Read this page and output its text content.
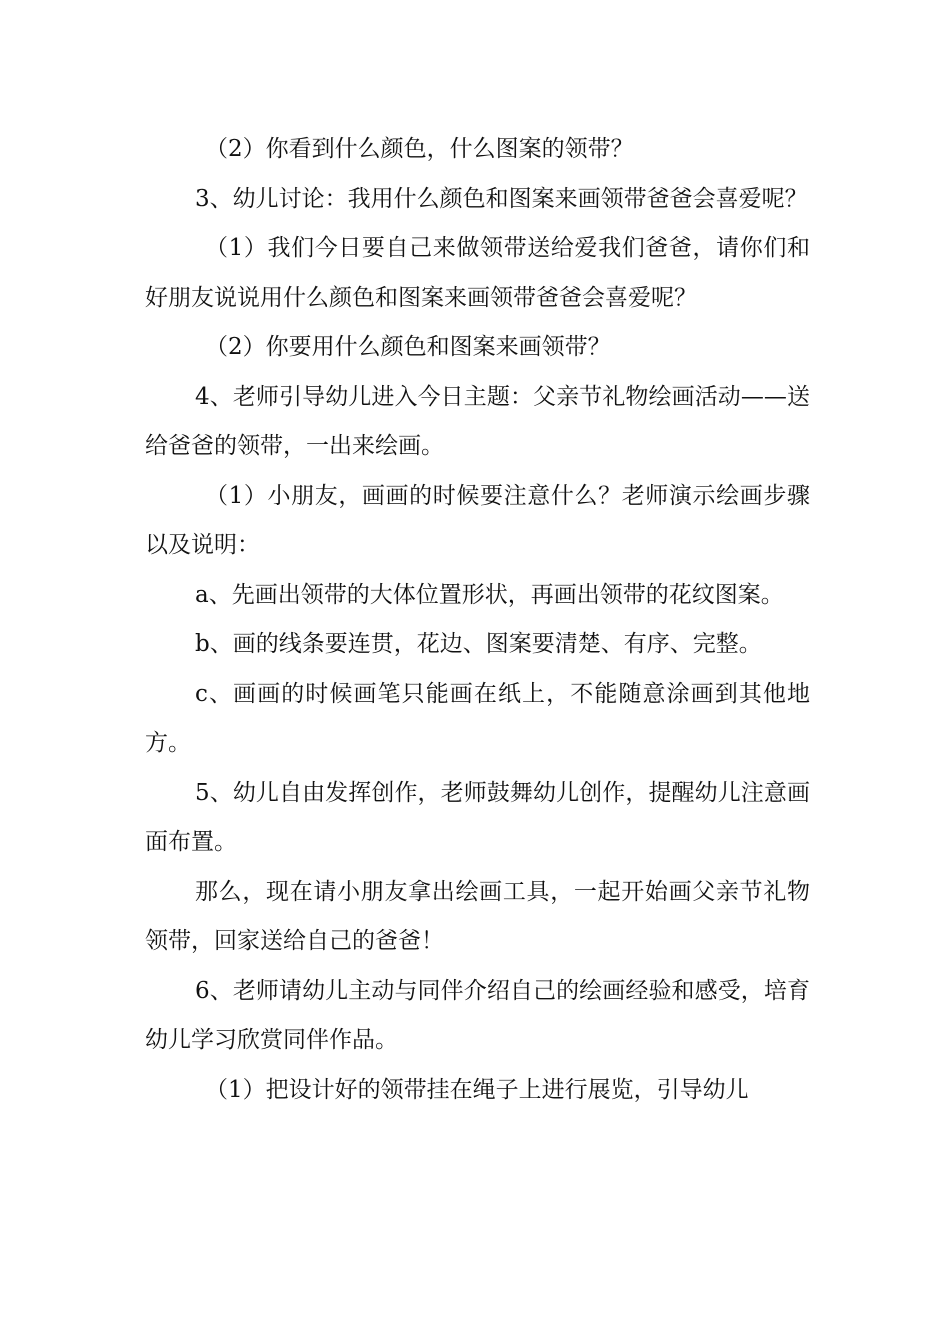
（2）你看到什么颜色，什么图案的领带？

3、幼儿讨论：我用什么颜色和图案来画领带爸爸会喜爱呢？

（1）我们今日要自己来做领带送给爱我们爸爸，请你们和好朋友说说用什么颜色和图案来画领带爸爸会喜爱呢？

（2）你要用什么颜色和图案来画领带？

4、老师引导幼儿进入今日主题：父亲节礼物绘画活动——送给爸爸的领带，一出来绘画。

（1）小朋友，画画的时候要注意什么？老师演示绘画步骤以及说明：

a、先画出领带的大体位置形状，再画出领带的花纹图案。

b、画的线条要连贯，花边、图案要清楚、有序、完整。

c、画画的时候画笔只能画在纸上，不能随意涂画到其他地方。

5、幼儿自由发挥创作，老师鼓舞幼儿创作，提醒幼儿注意画面布置。

那么，现在请小朋友拿出绘画工具，一起开始画父亲节礼物领带，回家送给自己的爸爸！

6、老师请幼儿主动与同伴介绍自己的绘画经验和感受，培育幼儿学习欣赏同伴作品。

（1）把设计好的领带挂在绳子上进行展览，引导幼儿
